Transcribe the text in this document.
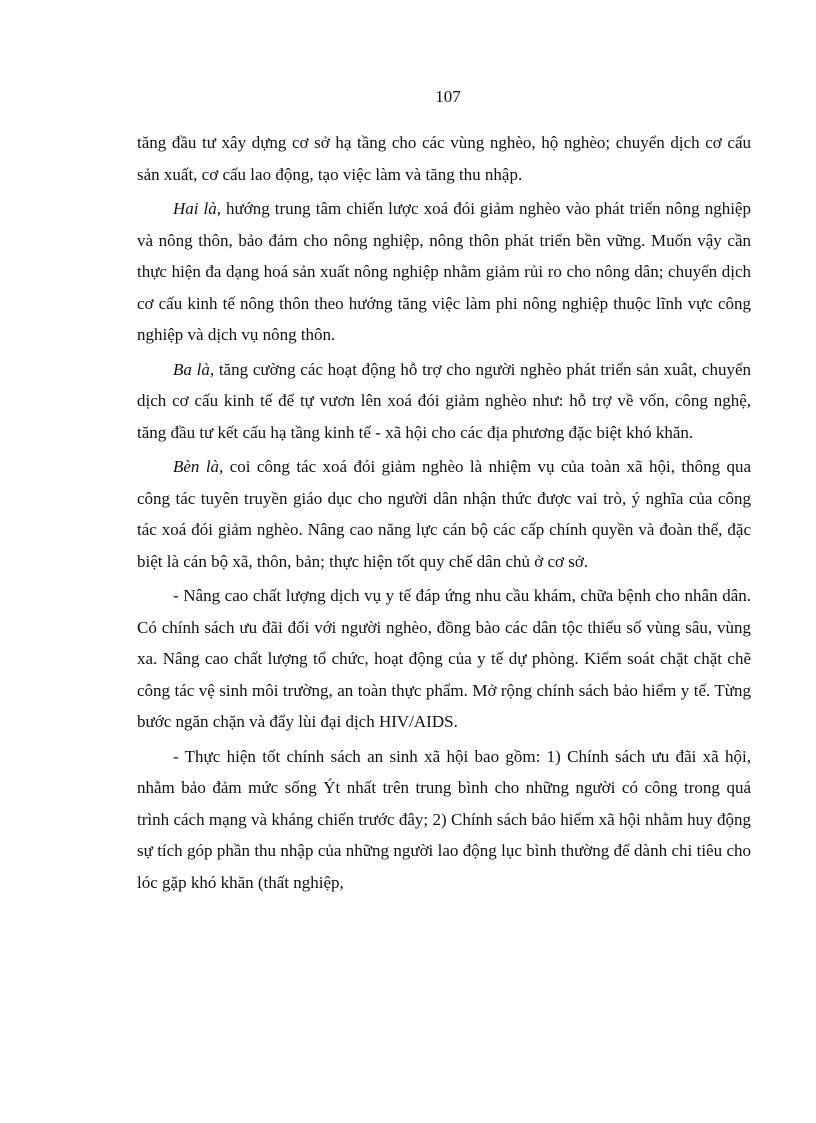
107

tăng đầu tư xây dựng cơ sở hạ tầng cho các vùng nghèo, hộ nghèo; chuyển dịch cơ cấu sản xuất, cơ cấu lao động, tạo việc làm và tăng thu nhập.

Hai là, hướng trung tâm chiến lược xoá đói giảm nghèo vào phát triển nông nghiệp và nông thôn, bảo đảm cho nông nghiệp, nông thôn phát triển bền vững. Muốn vậy cần thực hiện đa dạng hoá sản xuất nông nghiệp nhằm giảm rủi ro cho nông dân; chuyển dịch cơ cấu kinh tế nông thôn theo hướng tăng việc làm phi nông nghiệp thuộc lĩnh vực công nghiệp và dịch vụ nông thôn.

Ba là, tăng cường các hoạt động hỗ trợ cho người nghèo phát triển sản xuât, chuyển dịch cơ cấu kinh tế để tự vươn lên xoá đói giảm nghèo như: hỗ trợ về vốn, công nghệ, tăng đầu tư kết cấu hạ tầng kinh tế - xã hội cho các địa phương đặc biệt khó khăn.

Bèn là, coi công tác xoá đói giảm nghèo là nhiệm vụ của toàn xã hội, thông qua công tác tuyên truyền giáo dục cho người dân nhận thức được vai trò, ý nghĩa của công tác xoá đói giảm nghèo. Nâng cao năng lực cán bộ các cấp chính quyền và đoàn thể, đặc biệt là cán bộ xã, thôn, bản; thực hiện tốt quy chế dân chủ ở cơ sở.

- Nâng cao chất lượng dịch vụ y tế đáp ứng nhu cầu khám, chữa bệnh cho nhân dân. Có chính sách ưu đãi đối với người nghèo, đồng bào các dân tộc thiểu số vùng sâu, vùng xa. Nâng cao chất lượng tổ chức, hoạt động của y tế dự phòng. Kiểm soát chặt chặt chẽ công tác vệ sinh môi trường, an toàn thực phẩm. Mở rộng chính sách bảo hiểm y tế. Từng bước ngăn chặn và đẩy lùi đại dịch HIV/AIDS.

- Thực hiện tốt chính sách an sinh xã hội bao gồm: 1) Chính sách ưu đãi xã hội, nhằm bảo đảm mức sống Ýt nhất trên trung bình cho những người có công trong quá trình cách mạng và kháng chiến trước đây; 2) Chính sách bảo hiểm xã hội nhằm huy động sự tích góp phần thu nhập của những người lao động lục bình thường để dành chi tiêu cho lóc gặp khó khăn (thất nghiệp,
